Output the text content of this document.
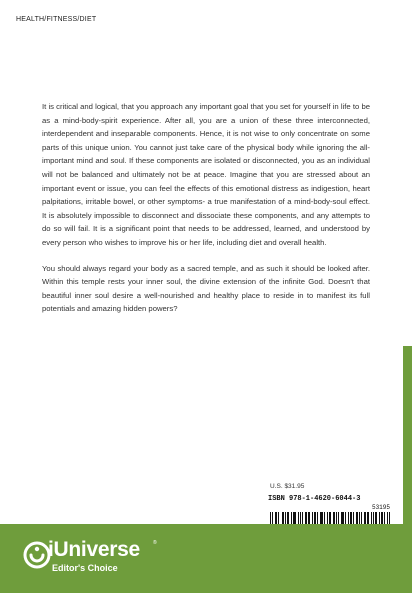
HEALTH/FITNESS/DIET

It is critical and logical, that you approach any important goal that you set for yourself in life to be as a mind-body-spirit experience. After all, you are a union of these three interconnected, interdependent and inseparable components. Hence, it is not wise to only concentrate on some parts of this unique union. You cannot just take care of the physical body while ignoring the all-important mind and soul. If these components are isolated or disconnected, you as an individual will not be balanced and ultimately not be at peace. Imagine that you are stressed about an important event or issue, you can feel the effects of this emotional distress as indigestion, heart palpitations, irritable bowel, or other symptoms- a true manifestation of a mind-body-soul effect. It is absolutely impossible to disconnect and dissociate these components, and any attempts to do so will fail. It is a significant point that needs to be addressed, learned, and understood by every person who wishes to improve his or her life, including diet and overall health.

You should always regard your body as a sacred temple, and as such it should be looked after. Within this temple rests your inner soul, the divine extension of the infinite God. Doesn't that beautiful inner soul desire a well-nourished and healthy place to reside in to manifest its full potentials and amazing hidden powers?

U.S. $31.95
ISBN 978-1-4620-6044-3
53195
iUniverse	®
Editor's Choice
